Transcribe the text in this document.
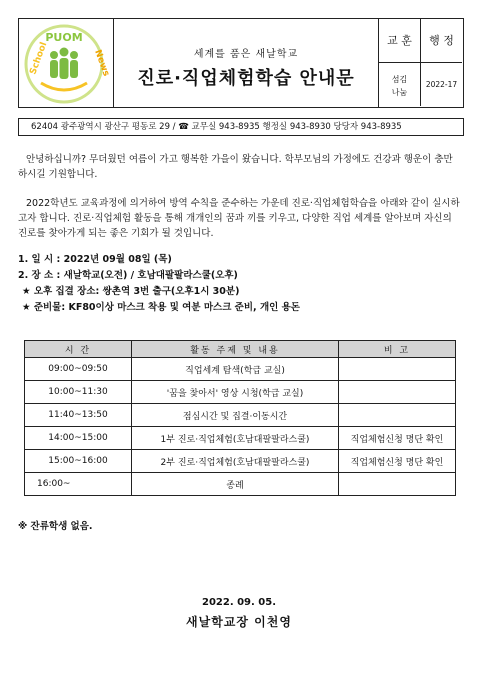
PUOM
School	News	세계를 품은 새날학교
진로·직업체험학습 안내문
교 훈	행 정
섬김
나눔
2022-17
62404 광주광역시 광산구 평동로 29 / ☎ 교무실 943-8935 행정실 943-8930 당당자 943-8935

안녕하십니까? 무더웠던 여름이 가고 행복한 가을이 왔습니다. 학부모님의 가정에도 건강과 행운이 충만하시길 기원합니다.

2022학년도 교육과정에 의거하여 방역 수칙을 준수하는 가운데 진로·직업체험학습을 아래와 같이 실시하고자 합니다. 진로·직업체험 활동을 통해 개개인의 꿈과 끼를 키우고, 다양한 직업 세계를 알아보며 자신의 진로를 찾아가게 되는 좋은 기회가 될 것입니다.

1. 일 시 : 2022년 09월 08일 (목)
2. 장 소 : 새날학교(오전) / 호남대팔팔라스쿨(오후)
★ 오후 집결 장소: 쌍촌역 3번 출구(오후1시 30분)
★ 준비물: KF80이상 마스크 착용 및 여분 마스크 준비, 개인 용돈
시 간	활동 주제 및 내용	비 고
09:00~09:50	직업세계 탐색(학급 교실)	
10:00~11:30	'꿈을 찾아서' 영상 시청(학급 교실)	
11:40~13:50	점심시간 및 집결·이동시간	
14:00~15:00	1부 진로·직업체험(호남대팔팔라스쿨)	직업체험신청 명단 확인
15:00~16:00	2부 진로·직업체험(호남대팔팔라스쿨)	직업체험신청 명단 확인
16:00~	종례	
※ 잔류학생 없음.
2022. 09. 05.
새날학교장 이천영
